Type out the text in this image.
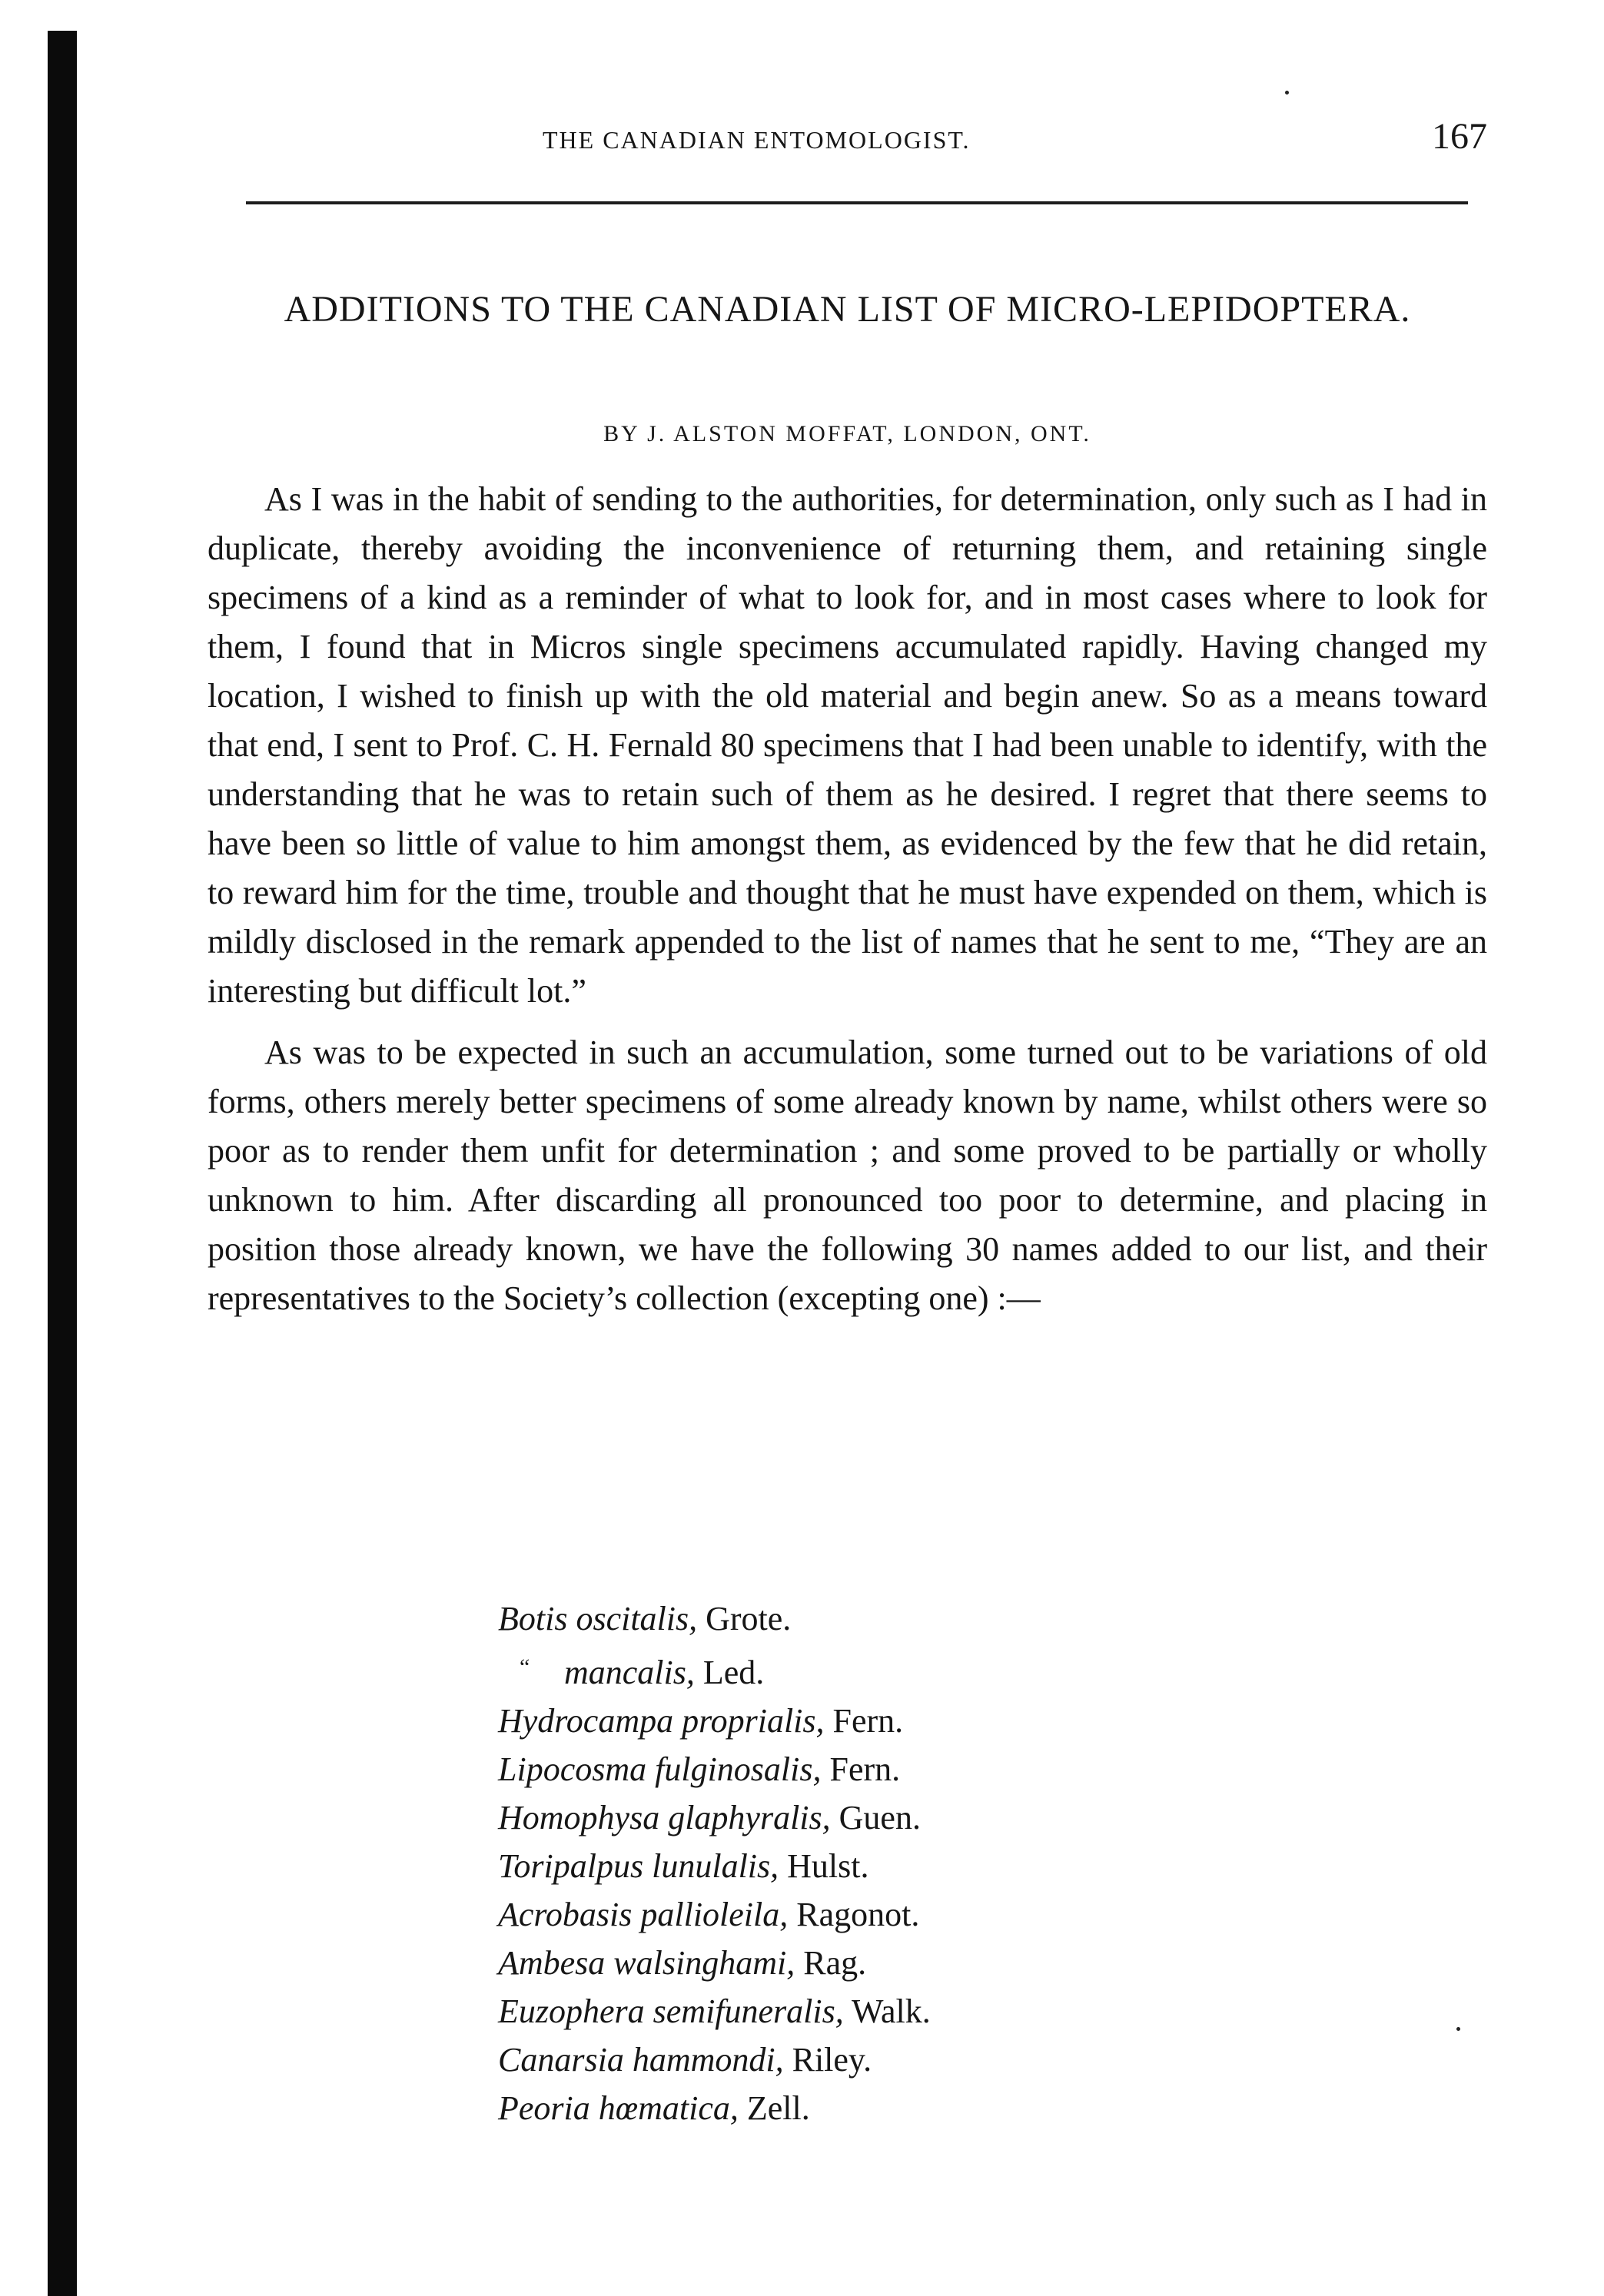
THE CANADIAN ENTOMOLOGIST.	167
ADDITIONS TO THE CANADIAN LIST OF MICRO-LEPIDOPTERA.
BY J. ALSTON MOFFAT, LONDON, ONT.

As I was in the habit of sending to the authorities, for determination, only such as I had in duplicate, thereby avoiding the inconvenience of returning them, and retaining single specimens of a kind as a reminder of what to look for, and in most cases where to look for them, I found that in Micros single specimens accumulated rapidly. Having changed my location, I wished to finish up with the old material and begin anew. So as a means toward that end, I sent to Prof. C. H. Fernald 80 specimens that I had been unable to identify, with the understanding that he was to retain such of them as he desired. I regret that there seems to have been so little of value to him amongst them, as evidenced by the few that he did retain, to reward him for the time, trouble and thought that he must have expended on them, which is mildly disclosed in the remark appended to the list of names that he sent to me, “They are an interesting but difficult lot.”

As was to be expected in such an accumulation, some turned out to be variations of old forms, others merely better specimens of some already known by name, whilst others were so poor as to render them unfit for determination ; and some proved to be partially or wholly unknown to him. After discarding all pronounced too poor to determine, and placing in position those already known, we have the following 30 names added to our list, and their representatives to the Society’s collection (excepting one) :—

Botis oscitalis, Grote.
“ mancalis, Led.
Hydrocampa proprialis, Fern.
Lipocosma fulginosalis, Fern.
Homophysa glaphyralis, Guen.
Toripalpus lunulalis, Hulst.
Acrobasis pallioleila, Ragonot.
Ambesa walsinghami, Rag.
Euzophera semifuneralis, Walk.
Canarsia hammondi, Riley.
Peoria hœmatica, Zell.
